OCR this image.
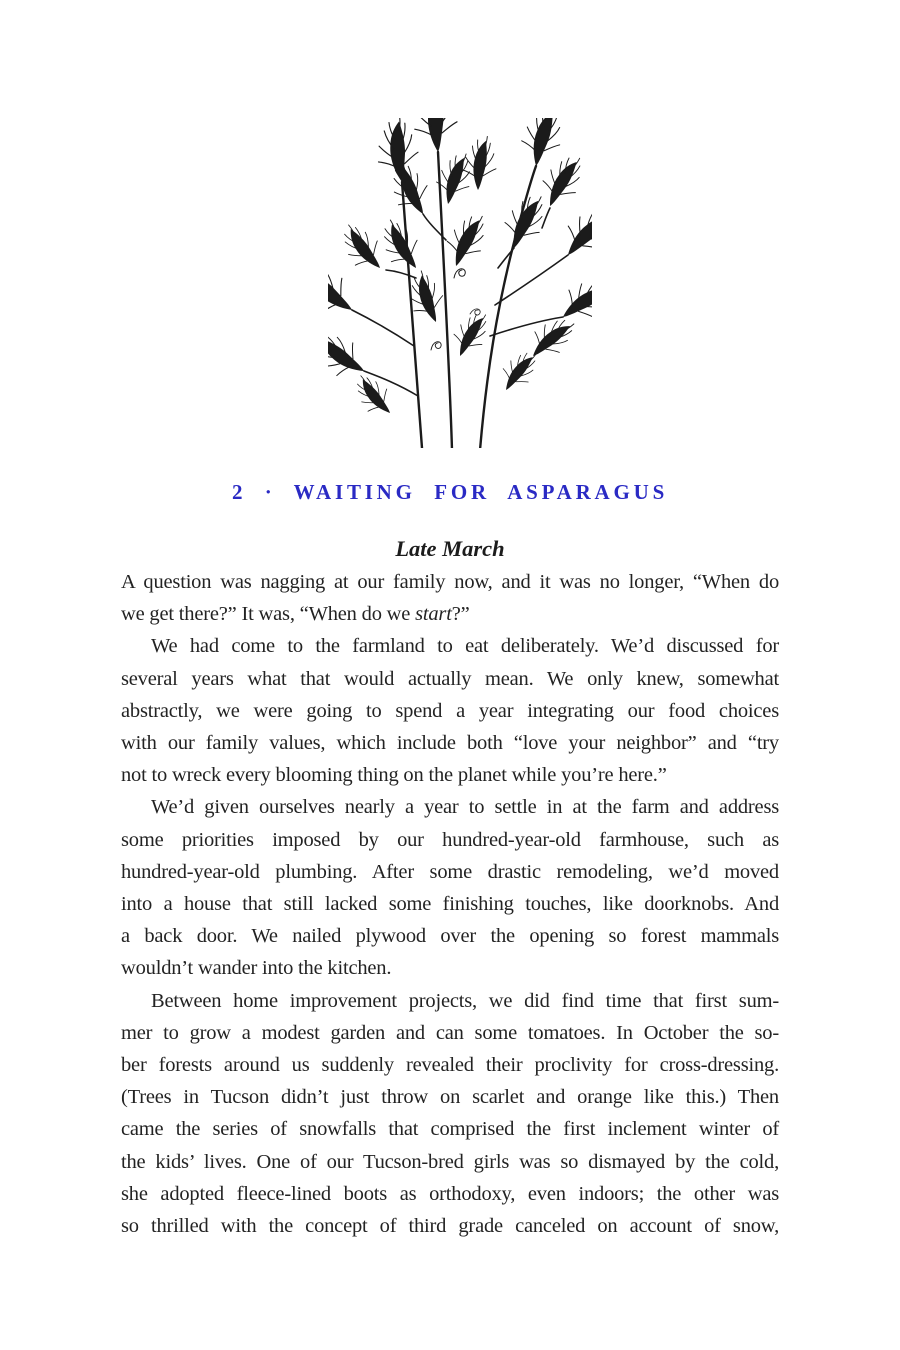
2 · WAITING FOR ASPARAGUS
Late March
A question was nagging at our family now, and it was no longer, “When do
we get there?” It was, “When do we start?”
We had come to the farmland to eat deliberately. We’d discussed for
several years what that would actually mean. We only knew, somewhat
abstractly, we were going to spend a year integrating our food choices
with our family values, which include both “love your neighbor” and “try
not to wreck every blooming thing on the planet while you’re here.”
We’d given ourselves nearly a year to settle in at the farm and address
some priorities imposed by our hundred-year-old farmhouse, such as
hundred-year-old plumbing. After some drastic remodeling, we’d moved
into a house that still lacked some finishing touches, like doorknobs. And
a back door. We nailed plywood over the opening so forest mammals
wouldn’t wander into the kitchen.
Between home improvement projects, we did find time that first sum-
mer to grow a modest garden and can some tomatoes. In October the so-
ber forests around us suddenly revealed their proclivity for cross-dressing.
(Trees in Tucson didn’t just throw on scarlet and orange like this.) Then
came the series of snowfalls that comprised the first inclement winter of
the kids’ lives. One of our Tucson-bred girls was so dismayed by the cold,
she adopted fleece-lined boots as orthodoxy, even indoors; the other was
so thrilled with the concept of third grade canceled on account of snow,
